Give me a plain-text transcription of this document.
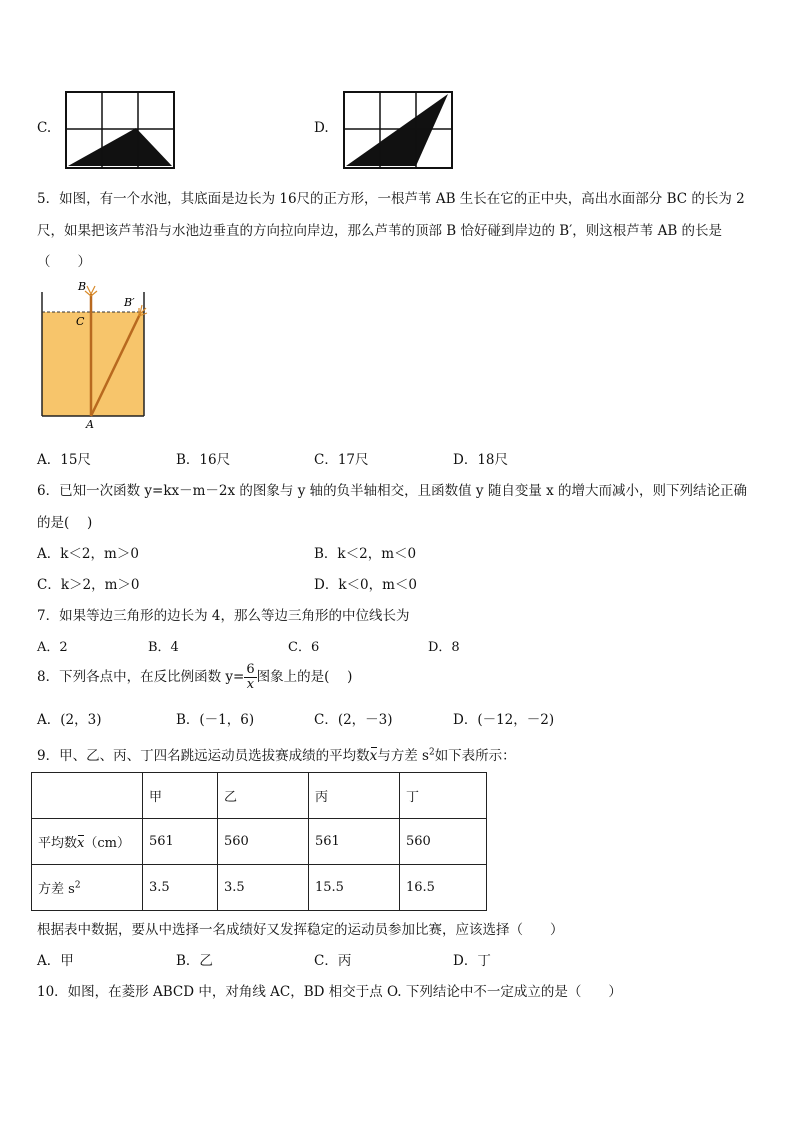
C.	D.
5．如图，有一个水池，其底面是边长为 16尺的正方形，一根芦苇 AB 生长在它的正中央，高出水面部分 BC 的长为 2
尺，如果把该芦苇沿与水池边垂直的方向拉向岸边，那么芦苇的顶部 B 恰好碰到岸边的 B′，则这根芦苇 AB 的长是
（　　）
B
C
B′
A
A．15尺	B．16尺	C．17尺	D．18尺
6．已知一次函数 y=kx－m－2x 的图象与 y 轴的负半轴相交，且函数值 y 随自变量 x 的增大而减小，则下列结论正确
的是(　 )
A．k＜2，m＞0	B．k＜2，m＜0
C．k＞2，m＞0	D．k＜0，m＜0
7．如果等边三角形的边长为 4，那么等边三角形的中位线长为
A．2	B．4	C．6	D．8
8．下列各点中，在反比例函数 $y= \frac{6}{x}$ 图象上的是(　 )
A．(2，3)	B．(－1，6)	C．(2，－3)	D．(－12，－2)
9．甲、乙、丙、丁四名跳远运动员选拔赛成绩的平均数x与方差 $s^2$如下表所示：
	甲	乙	丙	丁
平均数x（cm）	561	560	561	560
方差 $s^2$	3.5	3.5	15.5	16.5
根据表中数据，要从中选择一名成绩好又发挥稳定的运动员参加比赛，应该选择（　　）
A．甲	B．乙	C．丙	D．丁
10．如图，在菱形 ABCD 中，对角线 AC，BD 相交于点 O. 下列结论中不一定成立的是（　　）
